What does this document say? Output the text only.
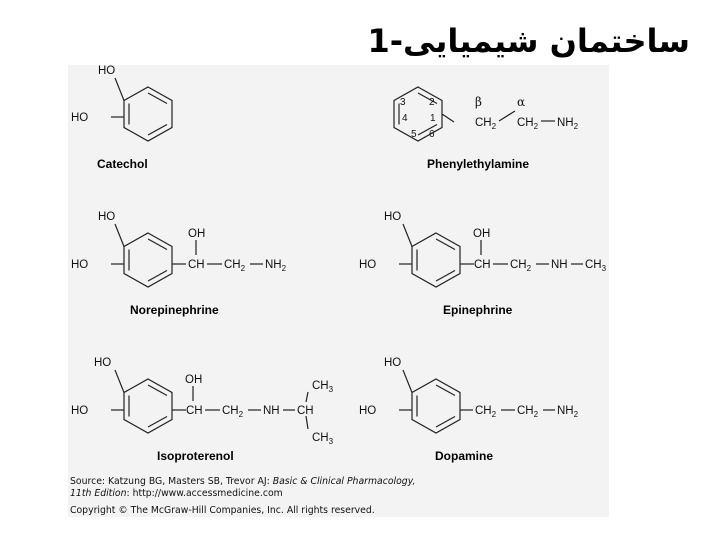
ساختمان شیمیایی-1
HO
HO
Catechol
3 2
4 1
5 6
β	α
$CH_2$ $CH_2$ $NH_2$
Phenylethylamine
HO
HO
OH
CH $CH_2$ $NH_2$
Norepinephrine
HO
HO
OH
CH $CH_2$ NH $CH_3$
Epinephrine
HO
HO
OH
CH $CH_2$ NH CH
$CH_3$
$CH_3$
Isoproterenol
HO
HO	$CH_2$ $CH_2$ $NH_2$
Dopamine
Source: Katzung BG, Masters SB, Trevor AJ: Basic & Clinical Pharmacology,
11th Edition: http://www.accessmedicine.com
Copyright © The McGraw-Hill Companies, Inc. All rights reserved.
